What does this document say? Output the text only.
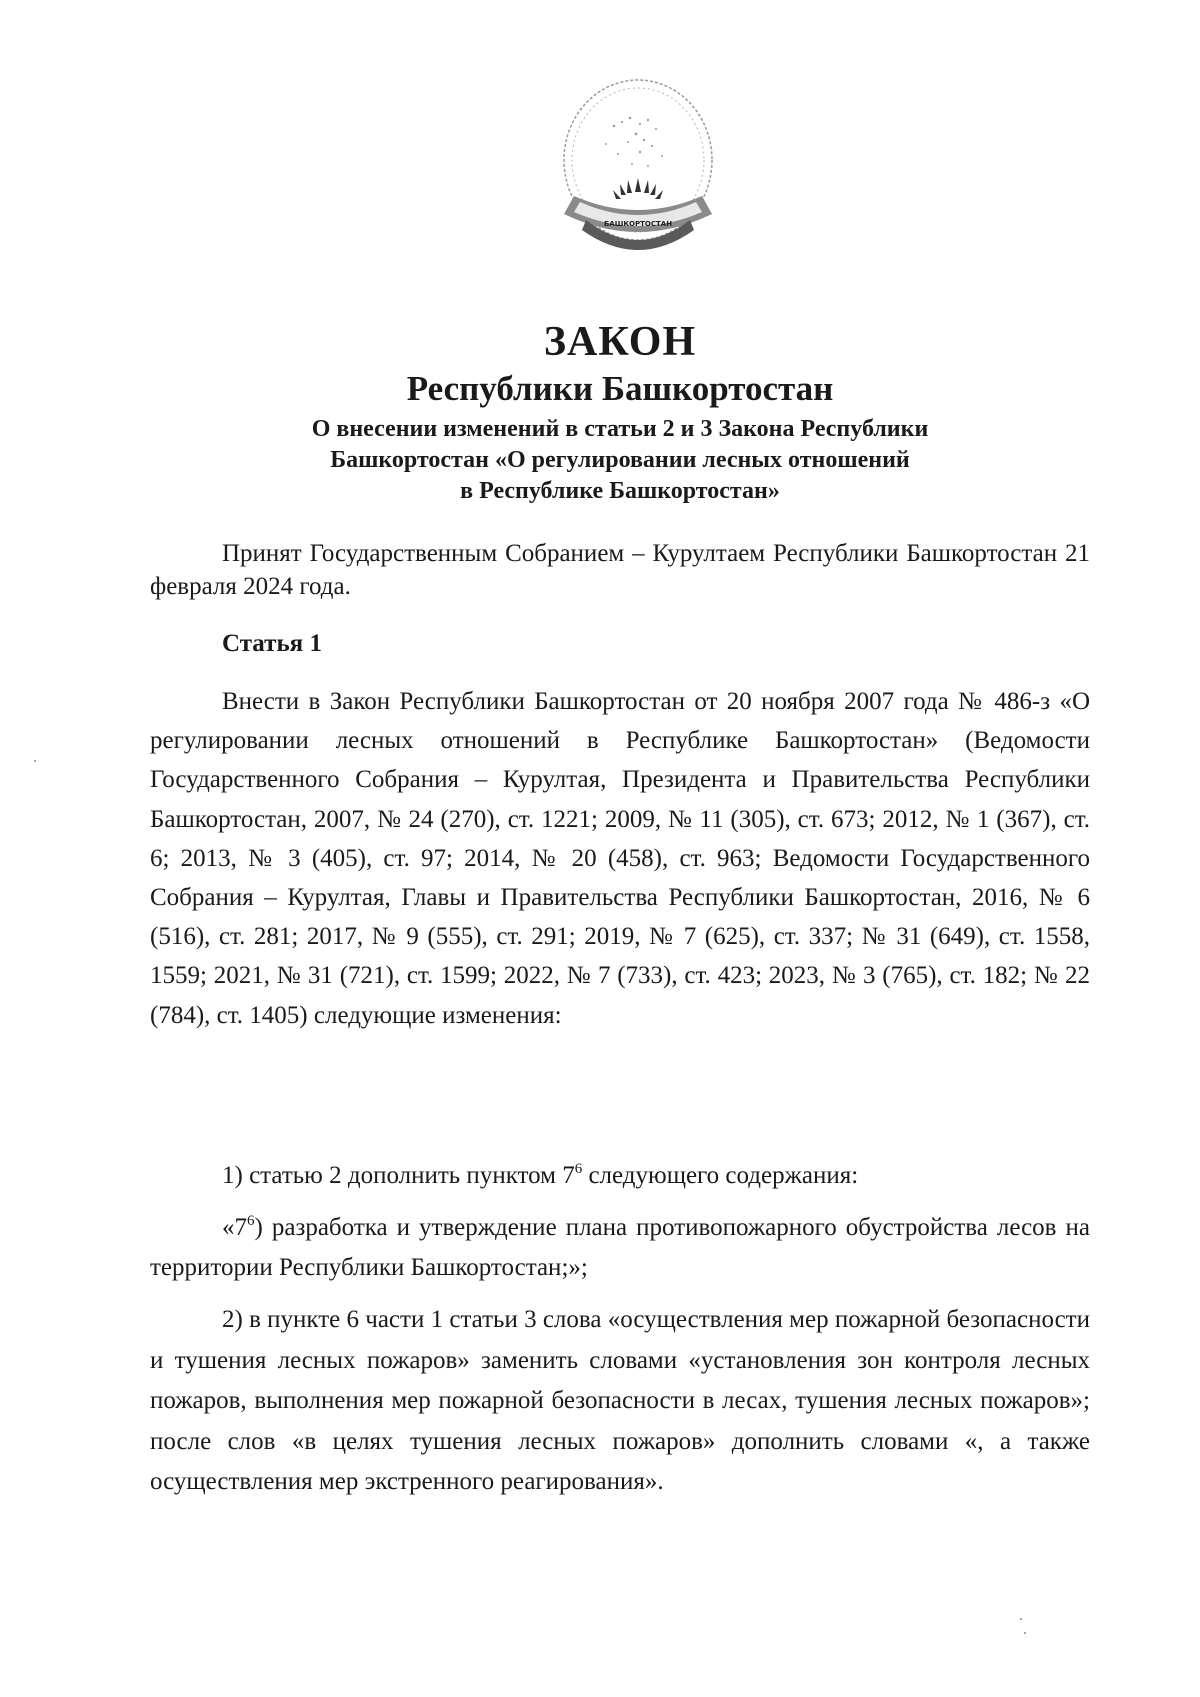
БАШКОРТОСТАН
ЗАКОН
Республики Башкортостан
О внесении изменений в статьи 2 и 3 Закона Республики
Башкортостан «О регулировании лесных отношений
в Республике Башкортостан»
Принят Государственным Собранием – Курултаем Республики Башкортостан 21 февраля 2024 года.
Статья 1
Внести в Закон Республики Башкортостан от 20 ноября 2007 года № 486-з «О регулировании лесных отношений в Республике Башкортостан» (Ведомости Государственного Собрания – Курултая, Президента и Правительства Республики Башкортостан, 2007, № 24 (270), ст. 1221; 2009, № 11 (305), ст. 673; 2012, № 1 (367), ст. 6; 2013, № 3 (405), ст. 97; 2014, № 20 (458), ст. 963; Ведомости Государственного Собрания – Курултая, Главы и Правительства Республики Башкортостан, 2016, № 6 (516), ст. 281; 2017, № 9 (555), ст. 291; 2019, № 7 (625), ст. 337; № 31 (649), ст. 1558, 1559; 2021, № 31 (721), ст. 1599; 2022, № 7 (733), ст. 423; 2023, № 3 (765), ст. 182; № 22 (784), ст. 1405) следующие изменения:
1) статью 2 дополнить пунктом $7^6$ следующего содержания:
«$7^6$) разработка и утверждение плана противопожарного обустройства лесов на территории Республики Башкортостан;»;
2) в пункте 6 части 1 статьи 3 слова «осуществления мер пожарной безопасности и тушения лесных пожаров» заменить словами «установления зон контроля лесных пожаров, выполнения мер пожарной безопасности в лесах, тушения лесных пожаров»; после слов «в целях тушения лесных пожаров» дополнить словами «, а также осуществления мер экстренного реагирования».
